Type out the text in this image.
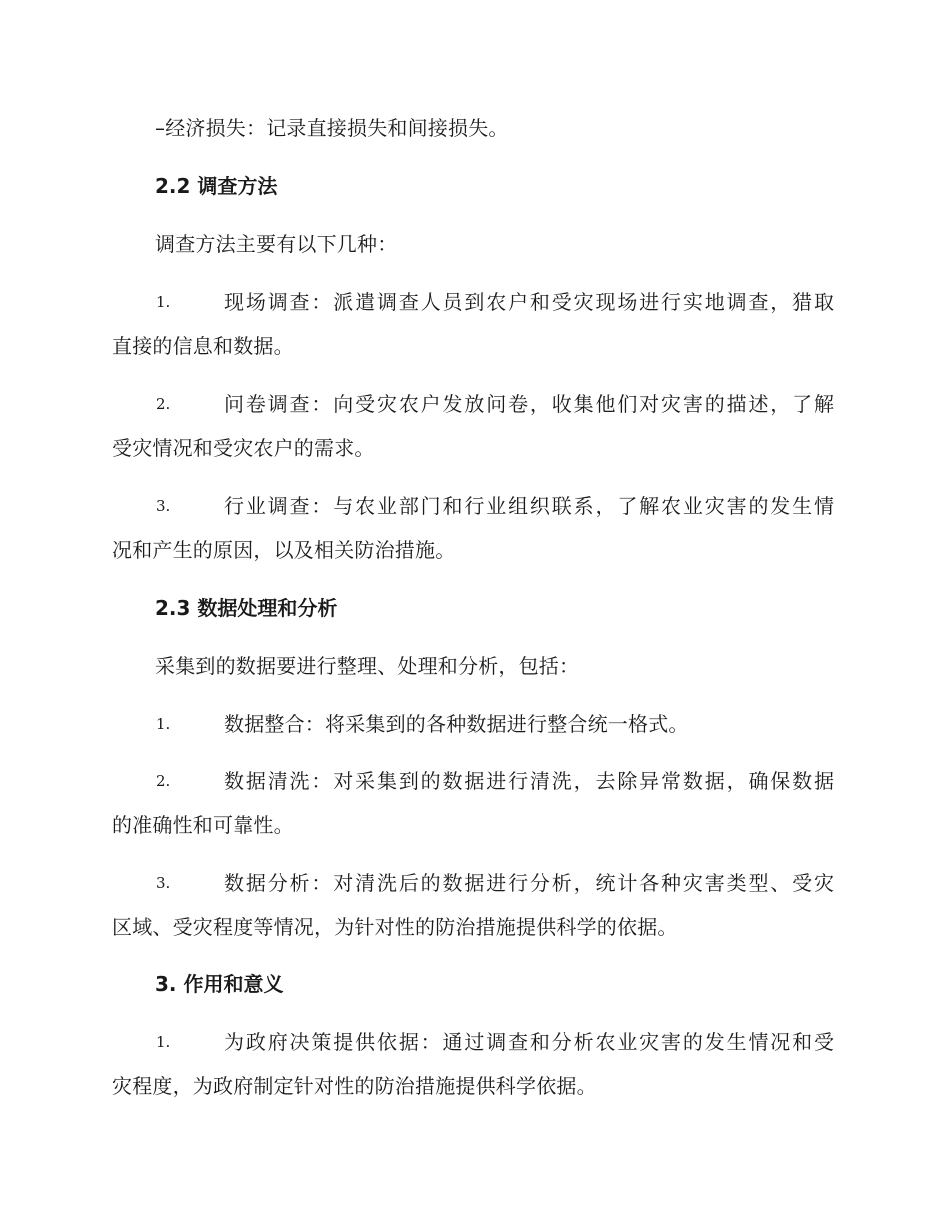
–经济损失：记录直接损失和间接损失。
2.2 调查方法
调查方法主要有以下几种：
1.	现场调查：派遣调查人员到农户和受灾现场进行实地调查，猎取
直接的信息和数据。
2.	问卷调查：向受灾农户发放问卷，收集他们对灾害的描述，了解
受灾情况和受灾农户的需求。
3.	行业调查：与农业部门和行业组织联系，了解农业灾害的发生情
况和产生的原因，以及相关防治措施。
2.3 数据处理和分析
采集到的数据要进行整理、处理和分析，包括：
1.	数据整合：将采集到的各种数据进行整合统一格式。
2.	数据清洗：对采集到的数据进行清洗，去除异常数据，确保数据
的准确性和可靠性。
3.	数据分析：对清洗后的数据进行分析，统计各种灾害类型、受灾
区域、受灾程度等情况，为针对性的防治措施提供科学的依据。
3. 作用和意义
1.	为政府决策提供依据：通过调查和分析农业灾害的发生情况和受
灾程度，为政府制定针对性的防治措施提供科学依据。
